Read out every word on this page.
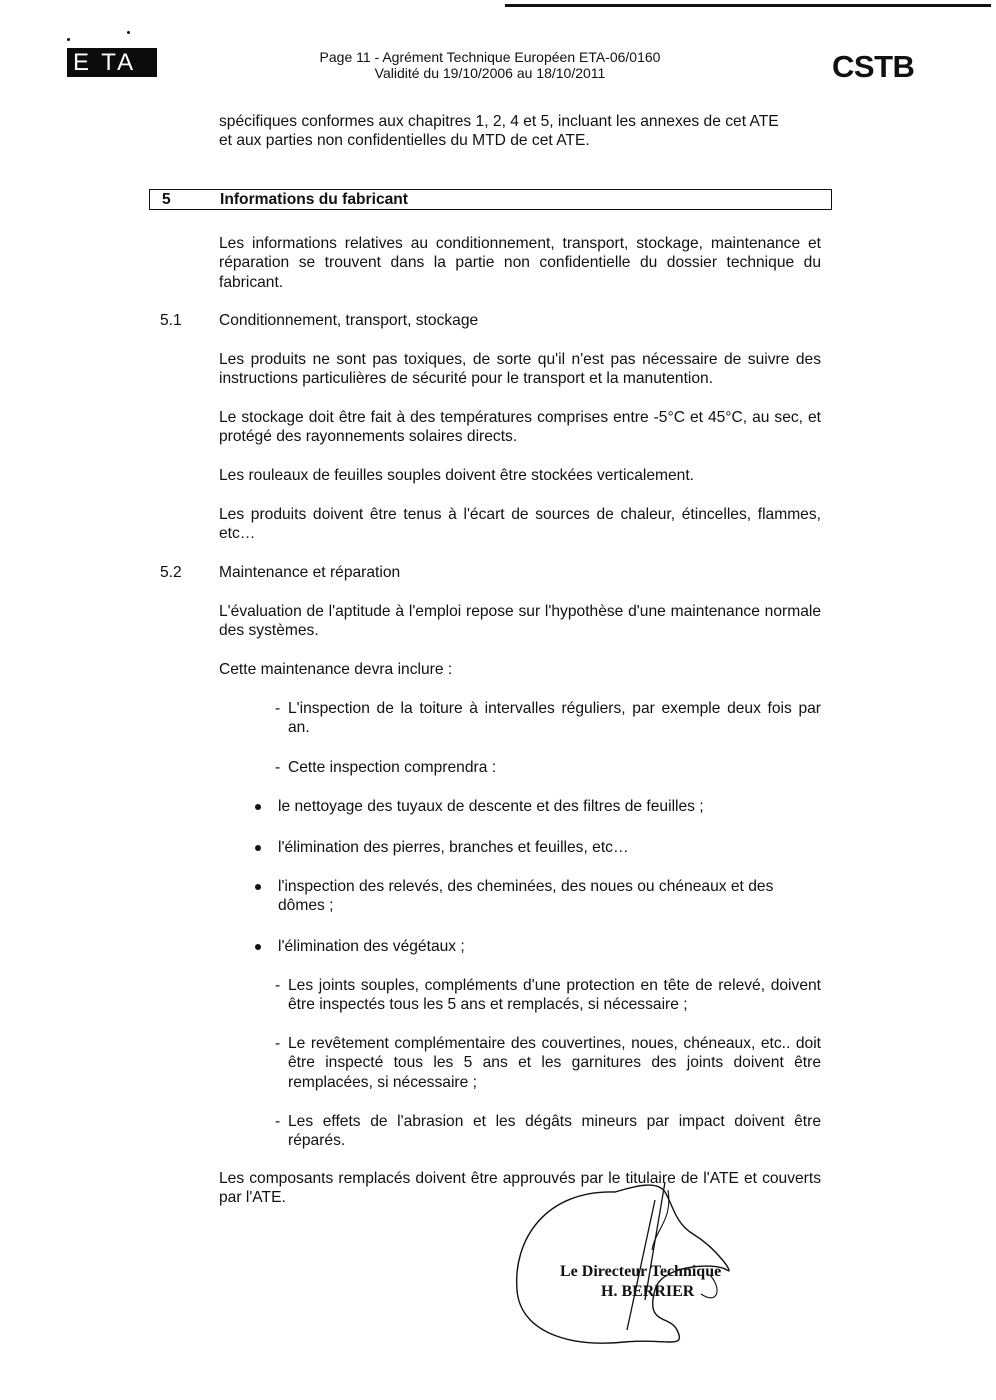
E TA	Page 11 - Agrément Technique Européen ETA-06/0160
Validité du 19/10/2006 au 18/10/2011	CSTB
spécifiques conformes aux chapitres 1, 2, 4 et 5, incluant les annexes de cet ATE
et aux parties non confidentielles du MTD de cet ATE.
5	Informations du fabricant
Les informations relatives au conditionnement, transport, stockage, maintenance et réparation se trouvent dans la partie non confidentielle du dossier technique du fabricant.
5.1 Conditionnement, transport, stockage
Les produits ne sont pas toxiques, de sorte qu'il n'est pas nécessaire de suivre des instructions particulières de sécurité pour le transport et la manutention.
Le stockage doit être fait à des températures comprises entre -5°C et 45°C, au sec, et protégé des rayonnements solaires directs.
Les rouleaux de feuilles souples doivent être stockées verticalement.
Les produits doivent être tenus à l'écart de sources de chaleur, étincelles, flammes, etc…
5.2 Maintenance et réparation
L'évaluation de l'aptitude à l'emploi repose sur l'hypothèse d'une maintenance normale des systèmes.
Cette maintenance devra inclure :
- L'inspection de la toiture à intervalles réguliers, par exemple deux fois par an.
- Cette inspection comprendra :
le nettoyage des tuyaux de descente et des filtres de feuilles ;
l'élimination des pierres, branches et feuilles, etc…
l'inspection des relevés, des cheminées, des noues ou chéneaux et des dômes ;
l'élimination des végétaux ;
- Les joints souples, compléments d'une protection en tête de relevé, doivent être inspectés tous les 5 ans et remplacés, si nécessaire ;
- Le revêtement complémentaire des couvertines, noues, chéneaux, etc.. doit être inspecté tous les 5 ans et les garnitures des joints doivent être remplacées, si nécessaire ;
- Les effets de l'abrasion et les dégâts mineurs par impact doivent être réparés.
Les composants remplacés doivent être approuvés par le titulaire de l'ATE et couverts par l'ATE.
Le Directeur Technique
H. BERRIER
